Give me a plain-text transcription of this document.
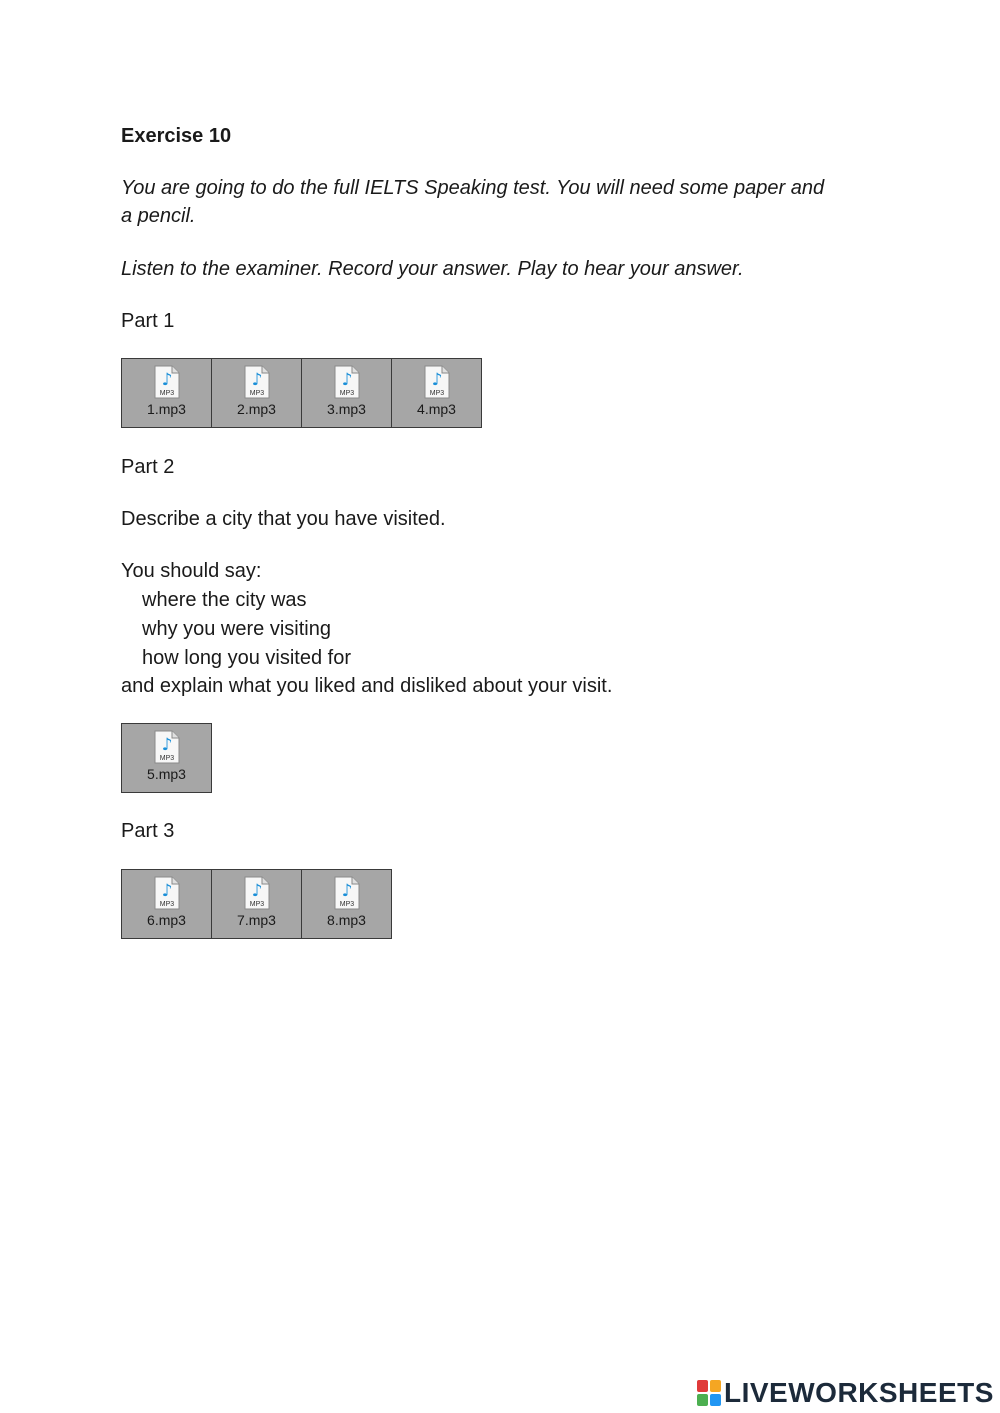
Exercise 10
You are going to do the full IELTS Speaking test. You will need some paper and
a pencil.
Listen to the examiner. Record your answer. Play to hear your answer.
Part 1
♪
MP3
1.mp3
♪
MP3
2.mp3
♪
MP3
3.mp3
♪
MP3
4.mp3
Part 2
Describe a city that you have visited.
You should say:
where the city was
why you were visiting
how long you visited for
and explain what you liked and disliked about your visit.
♪
MP3
5.mp3
Part 3
♪
MP3
6.mp3
♪
MP3
7.mp3
♪
MP3
8.mp3
LIVEWORKSHEETS
